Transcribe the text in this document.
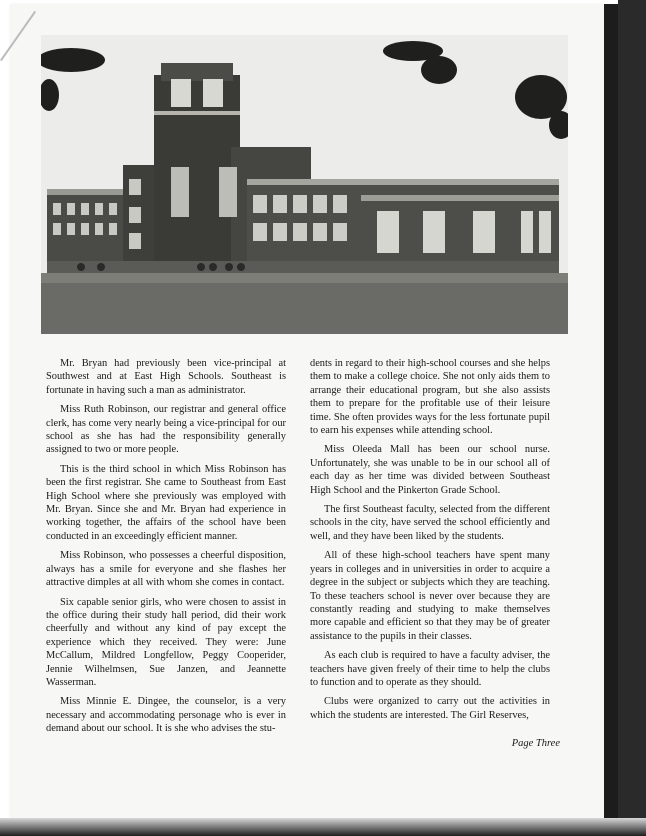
Mr. Bryan had previously been vice-principal at Southwest and at East High Schools. Southeast is fortunate in having such a man as administrator.

Miss Ruth Robinson, our registrar and general office clerk, has come very nearly being a vice-principal for our school as she has had the responsibility generally assigned to two or more people.

This is the third school in which Miss Robinson has been the first registrar. She came to Southeast from East High School where she previously was employed with Mr. Bryan. Since she and Mr. Bryan had experience in working together, the affairs of the school have been conducted in an exceedingly efficient manner.

Miss Robinson, who possesses a cheerful disposition, always has a smile for everyone and she flashes her attractive dimples at all with whom she comes in contact.

Six capable senior girls, who were chosen to assist in the office during their study hall period, did their work cheerfully and without any kind of pay except the experience which they received. They were: June McCallum, Mildred Longfellow, Peggy Cooperider, Jennie Wilhelmsen, Sue Janzen, and Jeannette Wasserman.

Miss Minnie E. Dingee, the counselor, is a very necessary and accommodating personage who is ever in demand about our school. It is she who advises the stu-

dents in regard to their high-school courses and she helps them to make a college choice. She not only aids them to arrange their educational program, but she also assists them to prepare for the profitable use of their leisure time. She often provides ways for the less fortunate pupil to earn his expenses while attending school.

Miss Oleeda Mall has been our school nurse. Unfortunately, she was unable to be in our school all of each day as her time was divided between Southeast High School and the Pinkerton Grade School.

The first Southeast faculty, selected from the different schools in the city, have served the school efficiently and well, and they have been liked by the students.

All of these high-school teachers have spent many years in colleges and in universities in order to acquire a degree in the subject or subjects which they are teaching. To these teachers school is never over because they are constantly reading and studying to make themselves more capable and efficient so that they may be of greater assistance to the pupils in their classes.

As each club is required to have a faculty adviser, the teachers have given freely of their time to help the clubs to function and to operate as they should.

Clubs were organized to carry out the activities in which the students are interested. The Girl Reserves,

Page Three
